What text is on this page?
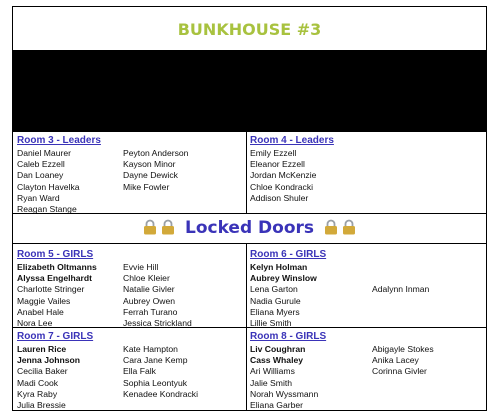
BUNKHOUSE #3
Room 3 - Leaders
Daniel Maurer
Caleb Ezzell
Dan Loaney
Clayton Havelka
Ryan Ward
Reagan Stange
Peyton Anderson
Kayson Minor
Dayne Dewick
Mike Fowler
Room 4 - Leaders
Emily Ezzell
Eleanor Ezzell
Jordan McKenzie
Chloe Kondracki
Addison Shuler
Locked Doors
Room 5 - GIRLS
Elizabeth Oltmanns
Alyssa Engelhardt
Charlotte Stringer
Maggie Vailes
Anabel Hale
Nora Lee
Evvie Hill
Chloe Kleier
Natalie Givler
Aubrey Owen
Ferrah Turano
Jessica Strickland
Room 6 - GIRLS
Kelyn Holman
Aubrey Winslow
Lena Garton
Nadia Gurule
Eliana Myers
Lillie Smith

Adalynn Inman
Room 7 - GIRLS
Lauren Rice
Jenna Johnson
Cecilia Baker
Madi Cook
Kyra Raby
Julia Bressie
Kate Hampton
Cara Jane Kemp
Ella Falk
Sophia Leontyuk
Kenadee Kondracki
Room 8 - GIRLS
Liv Coughran
Cass Whaley
Ari Williams
Jalie Smith
Norah Wyssmann
Eliana Garber
Abigayle Stokes
Anika Lacey
Corinna Givler
